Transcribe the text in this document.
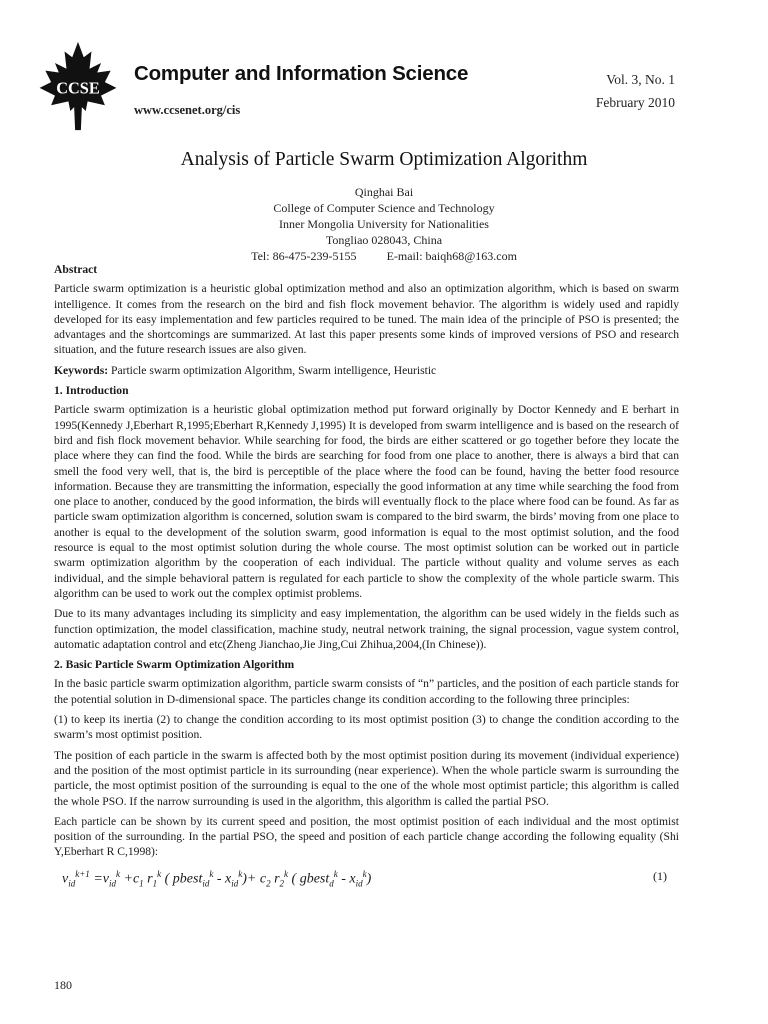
CCSE
Computer and Information Science
www.ccsenet.org/cis
Vol. 3, No. 1
February 2010
Analysis of Particle Swarm Optimization Algorithm
Qinghai Bai
College of Computer Science and Technology
Inner Mongolia University for Nationalities
Tongliao 028043, China
Tel: 86-475-239-5155	E-mail: baiqh68@163.com
Abstract

Particle swarm optimization is a heuristic global optimization method and also an optimization algorithm, which is based on swarm intelligence. It comes from the research on the bird and fish flock movement behavior. The algorithm is widely used and rapidly developed for its easy implementation and few particles required to be tuned. The main idea of the principle of PSO is presented; the advantages and the shortcomings are summarized. At last this paper presents some kinds of improved versions of PSO and research situation, and the future research issues are also given.

Keywords: Particle swarm optimization Algorithm, Swarm intelligence, Heuristic

1. Introduction

Particle swarm optimization is a heuristic global optimization method put forward originally by Doctor Kennedy and E berhart in 1995(Kennedy J,Eberhart R,1995;Eberhart R,Kennedy J,1995) It is developed from swarm intelligence and is based on the research of bird and fish flock movement behavior. While searching for food, the birds are either scattered or go together before they locate the place where they can find the food. While the birds are searching for food from one place to another, there is always a bird that can smell the food very well, that is, the bird is perceptible of the place where the food can be found, having the better food resource information. Because they are transmitting the information, especially the good information at any time while searching the food from one place to another, conduced by the good information, the birds will eventually flock to the place where food can be found. As far as particle swam optimization algorithm is concerned, solution swam is compared to the bird swarm, the birds’ moving from one place to another is equal to the development of the solution swarm, good information is equal to the most optimist solution, and the food resource is equal to the most optimist solution during the whole course. The most optimist solution can be worked out in particle swarm optimization algorithm by the cooperation of each individual. The particle without quality and volume serves as each individual, and the simple behavioral pattern is regulated for each particle to show the complexity of the whole particle swarm. This algorithm can be used to work out the complex optimist problems.

Due to its many advantages including its simplicity and easy implementation, the algorithm can be used widely in the fields such as function optimization, the model classification, machine study, neutral network training, the signal procession, vague system control, automatic adaptation control and etc(Zheng Jianchao,Jie Jing,Cui Zhihua,2004,(In Chinese)).

2. Basic Particle Swarm Optimization Algorithm

In the basic particle swarm optimization algorithm, particle swarm consists of “n” particles, and the position of each particle stands for the potential solution in D-dimensional space. The particles change its condition according to the following three principles:

(1) to keep its inertia (2) to change the condition according to its most optimist position (3) to change the condition according to the swarm’s most optimist position.

The position of each particle in the swarm is affected both by the most optimist position during its movement (individual experience) and the position of the most optimist particle in its surrounding (near experience). When the whole particle swarm is surrounding the particle, the most optimist position of the surrounding is equal to the one of the whole most optimist particle; this algorithm is called the whole PSO. If the narrow surrounding is used in the algorithm, this algorithm is called the partial PSO.

Each particle can be shown by its current speed and position, the most optimist position of each individual and the most optimist position of the surrounding. In the partial PSO, the speed and position of each particle change according the following equality (Shi Y,Eberhart R C,1998):

$v_{id}^{k+1} =v_{id}^k +c_1$ $r_1^k$ ( pbest$_{id}^k$ - $x_{id}^k)+ c_2$ $r_2^k$ ( gbest$_d^k$ - $x_{id}^k$)	(1)
180
